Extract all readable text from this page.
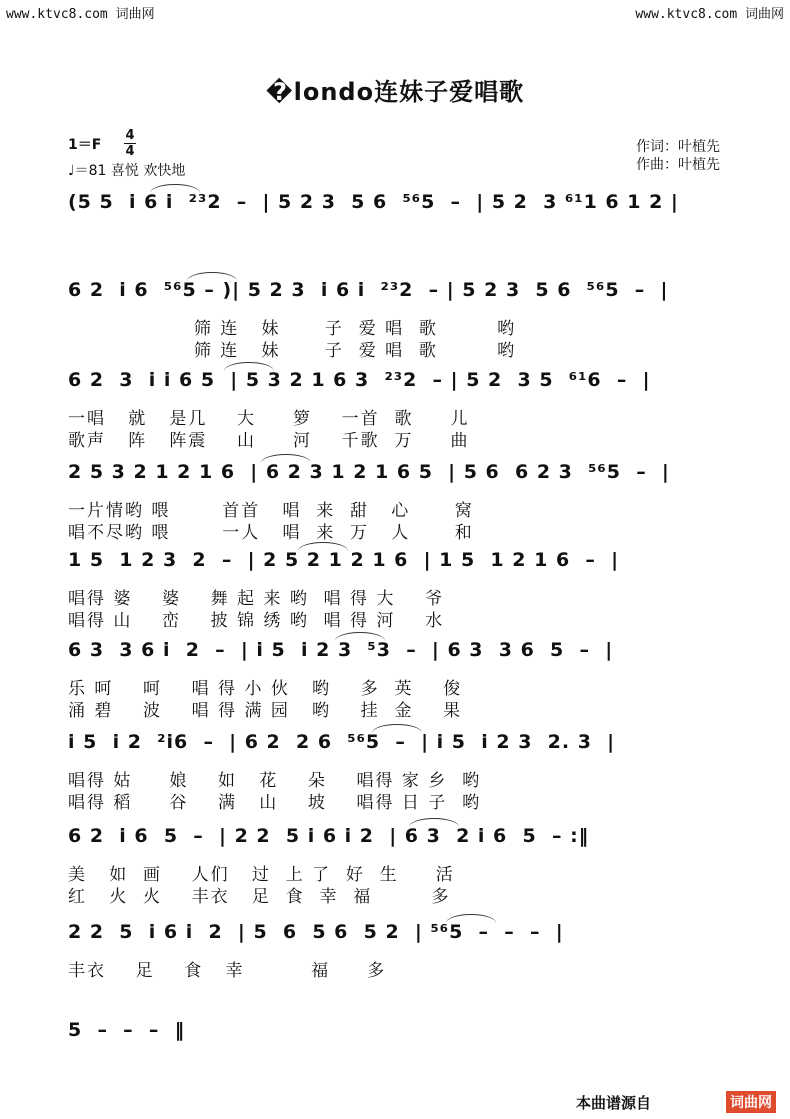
www.ktvc8.com 词曲网	www.ktvc8.com 词曲网
�londo连妹子爱唱歌
1＝F
4
4
♩＝81 喜悦 欢快地
作词：叶植先
作曲：叶植先
(5 5  i 6 i  ²³2  –  | 5 2 3  5 6  ⁵⁶5  –  | 5 2  3 ⁶¹1 6 1 2 |
6 2  i 6  ⁵⁶5 – )| 5 2 3  i 6 i  ²³2  – | 5 2 3  5 6  ⁵⁶5  –  |
筛 连   妹      子  爱 唱  歌        哟
筛 连   妹      子  爱 唱  歌        哟
6 2  3  i i 6 5  | 5 3 2 1 6 3  ²³2  – | 5 2  3 5  ⁶¹6  –  |
一唱   就   是几    大     箩    一首  歌     儿
歌声   阵   阵震    山     河    千歌  万     曲
2 5 3 2 1 2 1 6  | 6 2 3 1 2 1 6 5  | 5 6  6 2 3  ⁵⁶5  –  |
一片情哟 喂       首首   唱  来  甜   心      窝
唱不尽哟 喂       一人   唱  来  万   人      和
1 5  1 2 3  2  –  | 2 5 2 1 2 1 6  | 1 5  1 2 1 6  –  |
唱得 婆    婆    舞 起 来 哟  唱 得 大    爷
唱得 山    峦    披 锦 绣 哟  唱 得 河    水
6 3  3 6 i  2  –  | i 5  i 2 3  ⁵3  –  | 6 3  3 6  5  –  |
乐 呵    呵    唱 得 小 伙   哟    多  英    俊
涌 碧    波    唱 得 满 园   哟    挂  金    果
i 5  i 2  ²i6  –  | 6 2  2 6  ⁵⁶5  –  | i 5  i 2 3  2. 3  |
唱得 姑     娘    如   花    朵    唱得 家 乡  哟
唱得 稻     谷    满   山    坡    唱得 日 子  哟
6 2  i 6  5  –  | 2 2  5 i 6 i 2  | 6 3  2 i 6  5  – :‖
美   如  画    人们   过  上 了  好  生     活
红   火  火    丰衣   足  食  幸  福        多
2 2  5  i 6 i  2  | 5  6  5 6  5 2  | ⁵⁶5  –  –  –  |
丰衣    足    食   幸         福     多
5  –  –  –  ‖
本曲谱源自	词曲网
